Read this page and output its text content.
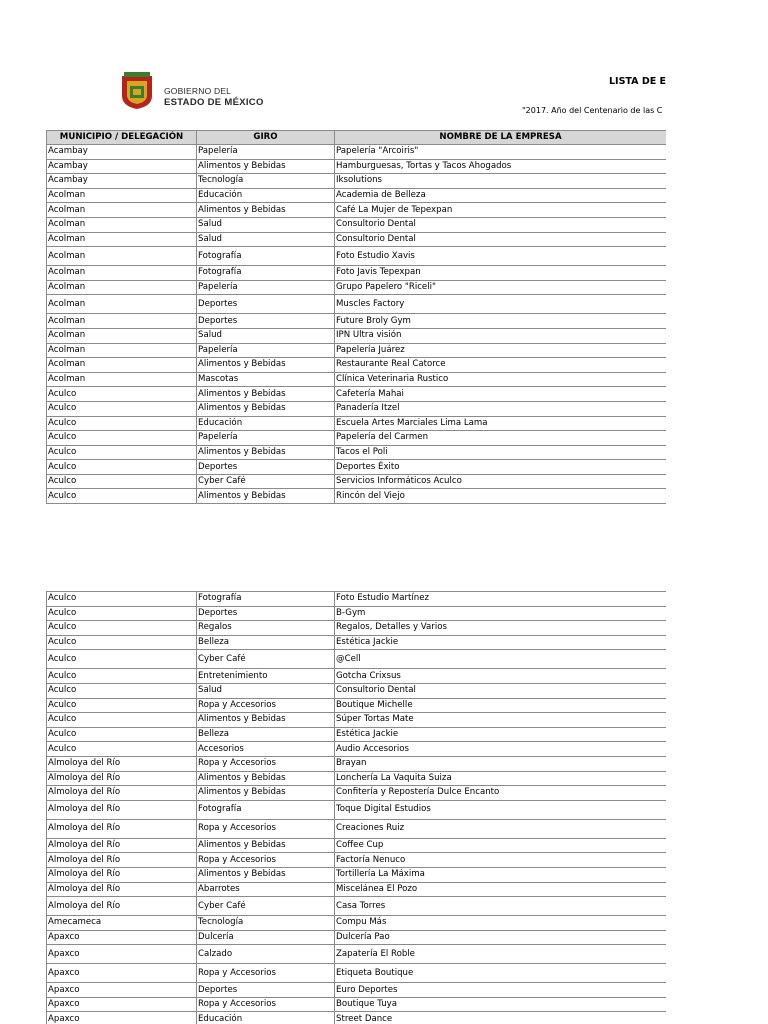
GOBIERNO DEL
ESTADO DE MÉXICO
LISTA DE E
"2017. Año del Centenario de las C
MUNICIPIO / DELEGACIÓN	GIRO	NOMBRE DE LA EMPRESA
Acambay	Papelería	Papelería "Arcoiris"
Acambay	Alimentos y Bebidas	Hamburguesas, Tortas y Tacos Ahogados
Acambay	Tecnología	Iksolutions
Acolman	Educación	Academia de Belleza
Acolman	Alimentos y Bebidas	Café La Mujer de Tepexpan
Acolman	Salud	Consultorio Dental
Acolman	Salud	Consultorio Dental
Acolman	Fotografía	Foto Estudio Xavis
Acolman	Fotografía	Foto Javis Tepexpan
Acolman	Papelería	Grupo Papelero "Riceli"
Acolman	Deportes	Muscles Factory
Acolman	Deportes	Future Broly Gym
Acolman	Salud	IPN Ultra visión
Acolman	Papelería	Papelería Juárez
Acolman	Alimentos y Bebidas	Restaurante Real Catorce
Acolman	Mascotas	Clínica Veterinaria Rustico
Aculco	Alimentos y Bebidas	Cafetería Mahai
Aculco	Alimentos y Bebidas	Panadería Itzel
Aculco	Educación	Escuela Artes Marciales Lima Lama
Aculco	Papelería	Papelería del Carmen
Aculco	Alimentos y Bebidas	Tacos el Poli
Aculco	Deportes	Deportes Éxito
Aculco	Cyber Café	Servicios Informáticos Aculco
Aculco	Alimentos y Bebidas	Rincón del Viejo
Aculco	Fotografía	Foto Estudio Martínez
Aculco	Deportes	B-Gym
Aculco	Regalos	Regalos, Detalles y Varios
Aculco	Belleza	Estética Jackie
Aculco	Cyber Café	@Cell
Aculco	Entretenimiento	Gotcha Crixsus
Aculco	Salud	Consultorio Dental
Aculco	Ropa y Accesorios	Boutique Michelle
Aculco	Alimentos y Bebidas	Súper Tortas Mate
Aculco	Belleza	Estética Jackie
Aculco	Accesorios	Audio Accesorios
Almoloya del Río	Ropa y Accesorios	Brayan
Almoloya del Río	Alimentos y Bebidas	Lonchería La Vaquita Suiza
Almoloya del Río	Alimentos y Bebidas	Confitería y Repostería Dulce Encanto
Almoloya del Río	Fotografía	Toque Digital Estudios
Almoloya del Río	Ropa y Accesorios	Creaciones Ruiz
Almoloya del Río	Alimentos y Bebidas	Coffee Cup
Almoloya del Río	Ropa y Accesorios	Factoría Nenuco
Almoloya del Río	Alimentos y Bebidas	Tortillería La Máxima
Almoloya del Río	Abarrotes	Miscelánea El Pozo
Almoloya del Río	Cyber Café	Casa Torres
Amecameca	Tecnología	Compu Más
Apaxco	Dulcería	Dulcería Pao
Apaxco	Calzado	Zapatería El Roble
Apaxco	Ropa y Accesorios	Etiqueta Boutique
Apaxco	Deportes	Euro Deportes
Apaxco	Ropa y Accesorios	Boutique Tuya
Apaxco	Educación	Street Dance
